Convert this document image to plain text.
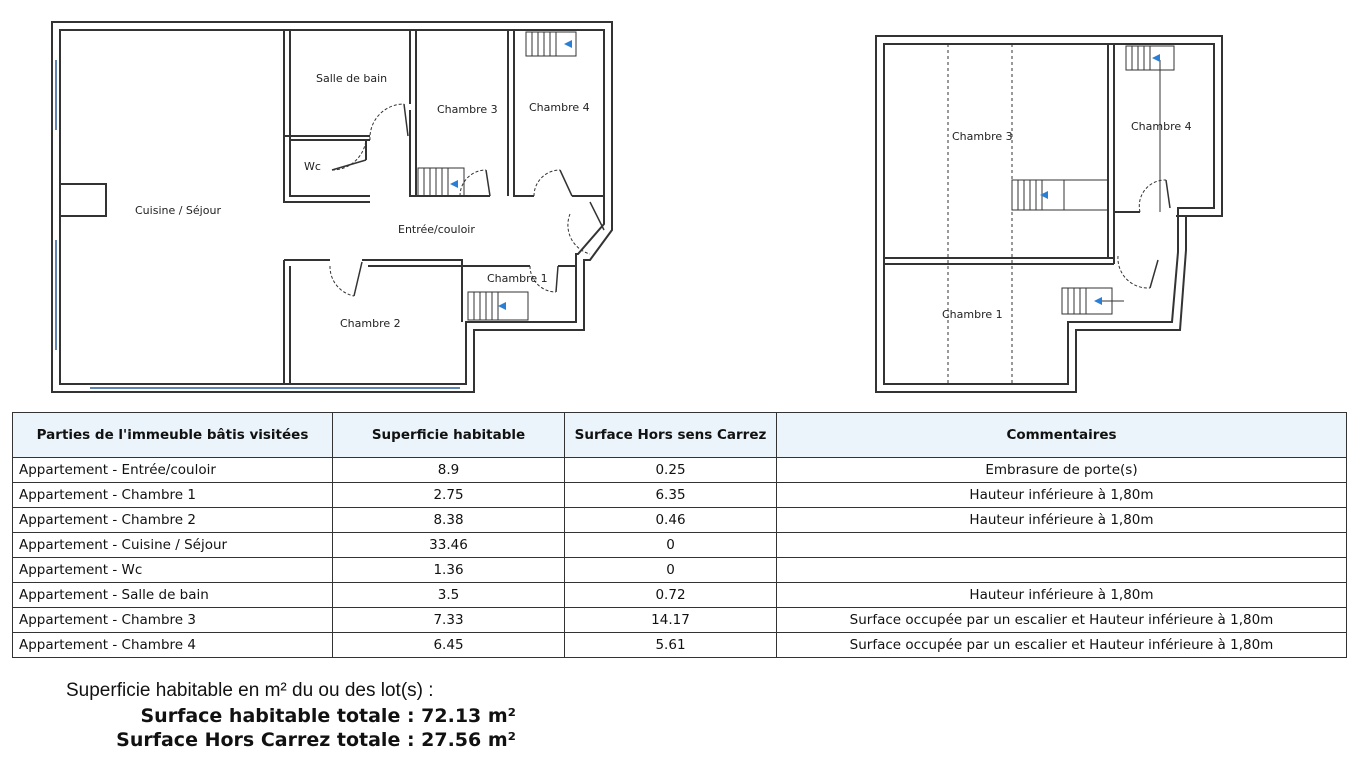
Cuisine / Séjour
Salle de bain
Wc
Chambre 3	Chambre 4
Entrée/couloir
Chambre 1
Chambre 2
Chambre 3
Chambre 4
Chambre 1
Parties de l'immeuble bâtis visitées	Superficie habitable	Surface Hors sens Carrez	Commentaires
Appartement - Entrée/couloir	8.9	0.25	Embrasure de porte(s)
Appartement - Chambre 1	2.75	6.35	Hauteur inférieure à 1,80m
Appartement - Chambre 2	8.38	0.46	Hauteur inférieure à 1,80m
Appartement - Cuisine / Séjour	33.46	0	
Appartement - Wc	1.36	0	
Appartement - Salle de bain	3.5	0.72	Hauteur inférieure à 1,80m
Appartement - Chambre 3	7.33	14.17	Surface occupée par un escalier et Hauteur inférieure à 1,80m
Appartement - Chambre 4	6.45	5.61	Surface occupée par un escalier et Hauteur inférieure à 1,80m
Superficie habitable en m² du ou des lot(s) :
Surface habitable totale : 72.13 m²
Surface Hors Carrez totale : 27.56 m²
